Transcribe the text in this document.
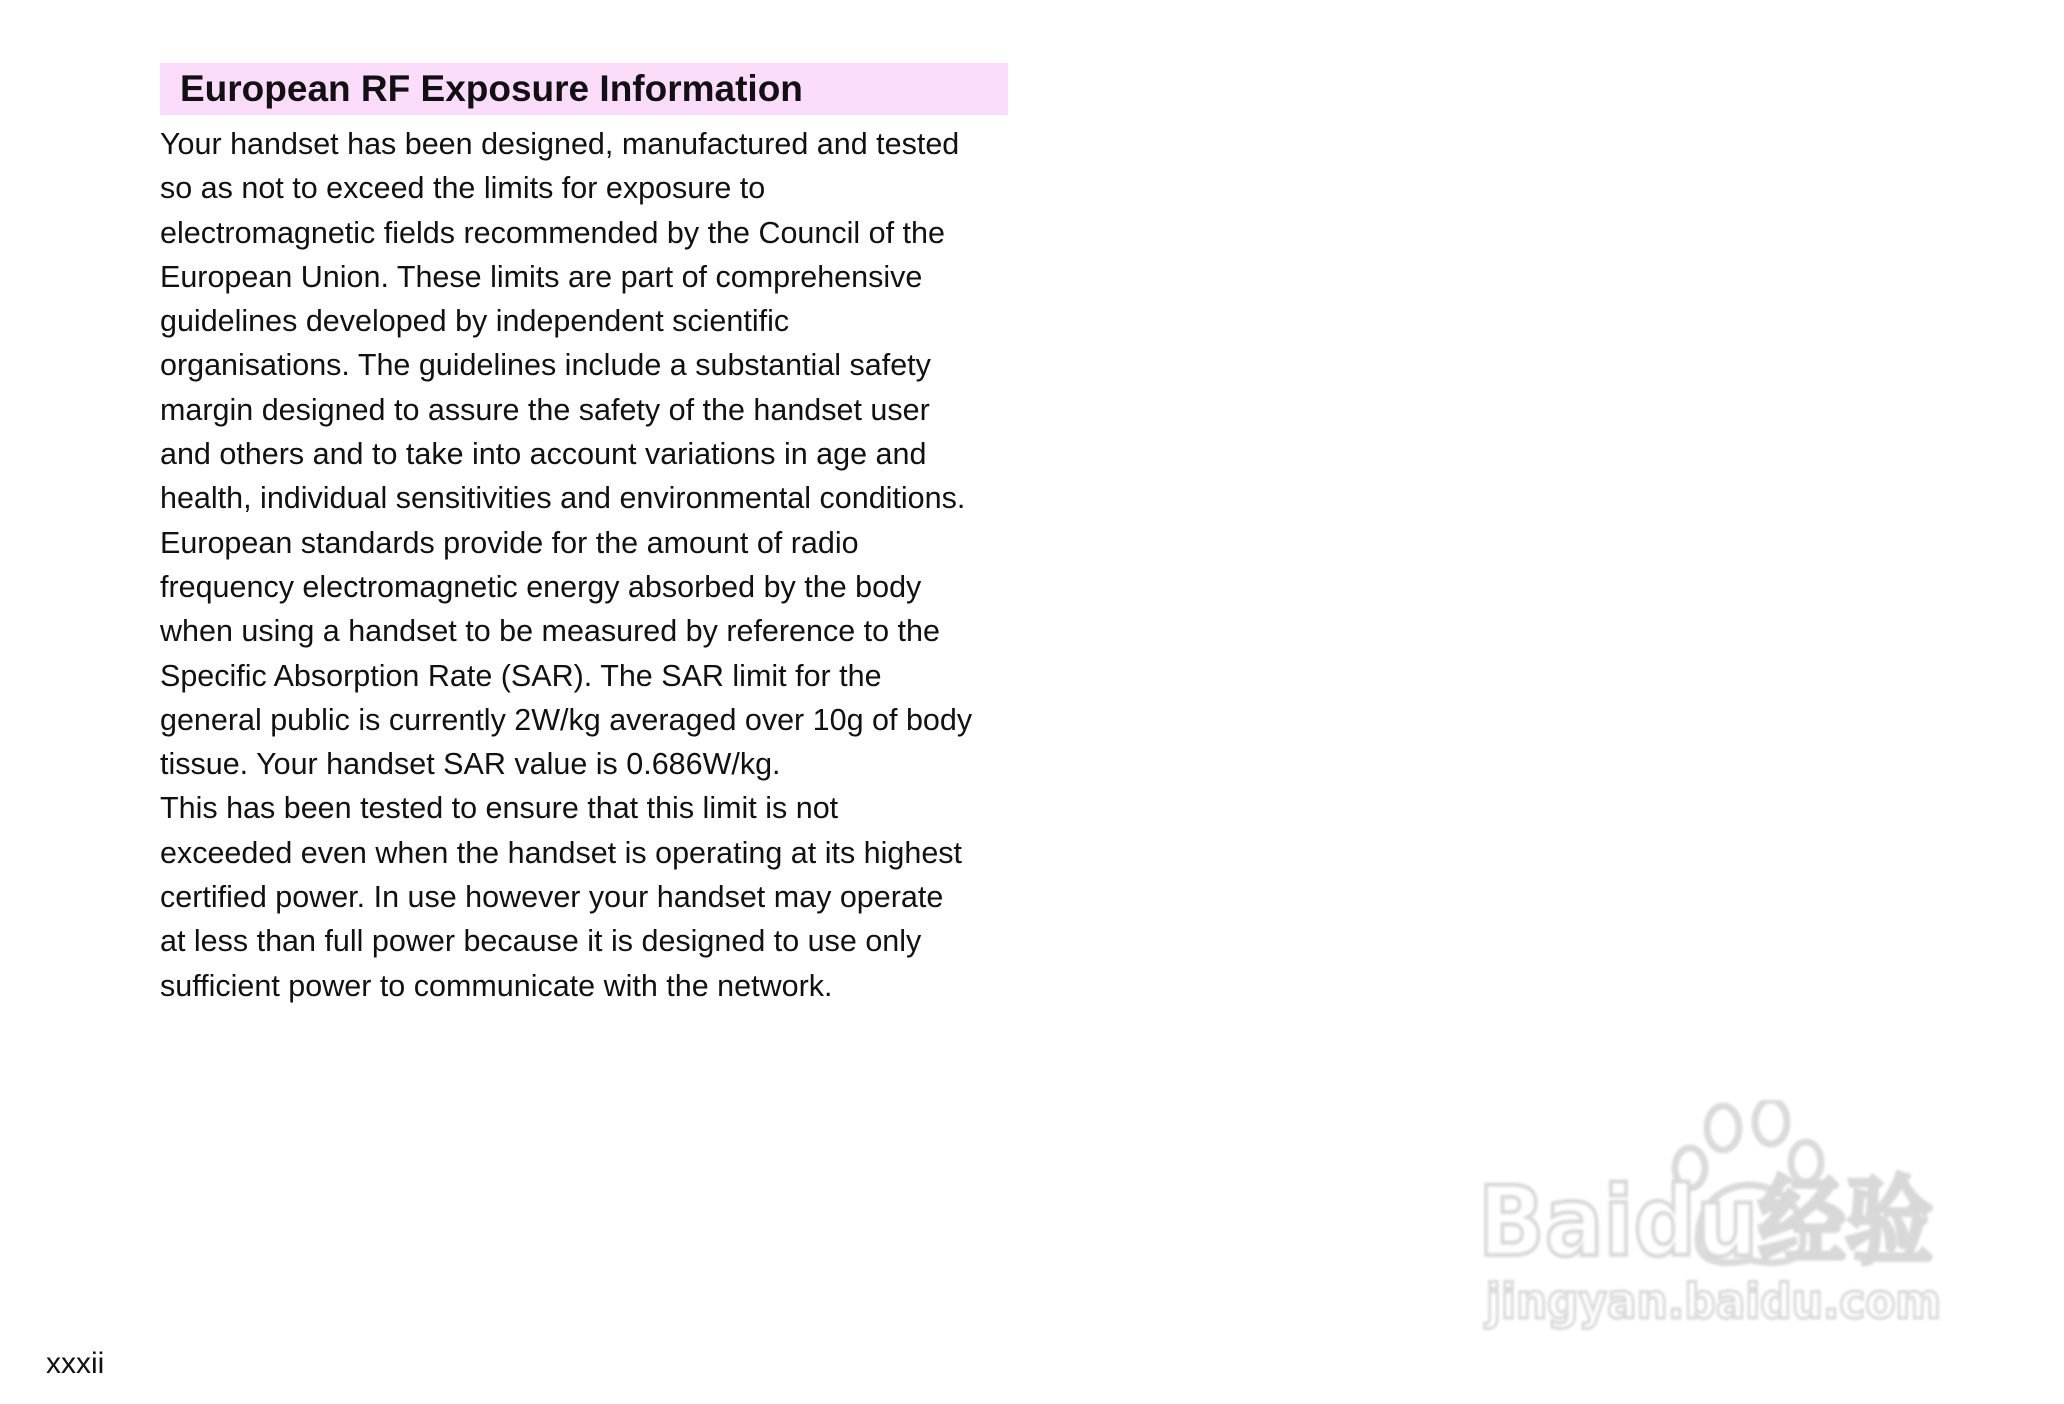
European RF Exposure Information
Your handset has been designed, manufactured and tested
so as not to exceed the limits for exposure to
electromagnetic fields recommended by the Council of the
European Union. These limits are part of comprehensive
guidelines developed by independent scientific
organisations. The guidelines include a substantial safety
margin designed to assure the safety of the handset user
and others and to take into account variations in age and
health, individual sensitivities and environmental conditions.
European standards provide for the amount of radio
frequency electromagnetic energy absorbed by the body
when using a handset to be measured by reference to the
Specific Absorption Rate (SAR). The SAR limit for the
general public is currently 2W/kg averaged over 10g of body
tissue. Your handset SAR value is 0.686W/kg.
This has been tested to ensure that this limit is not
exceeded even when the handset is operating at its highest
certified power. In use however your handset may operate
at less than full power because it is designed to use only
sufficient power to communicate with the network.
xxxii
Baidu经验
jingyan.baidu.com
